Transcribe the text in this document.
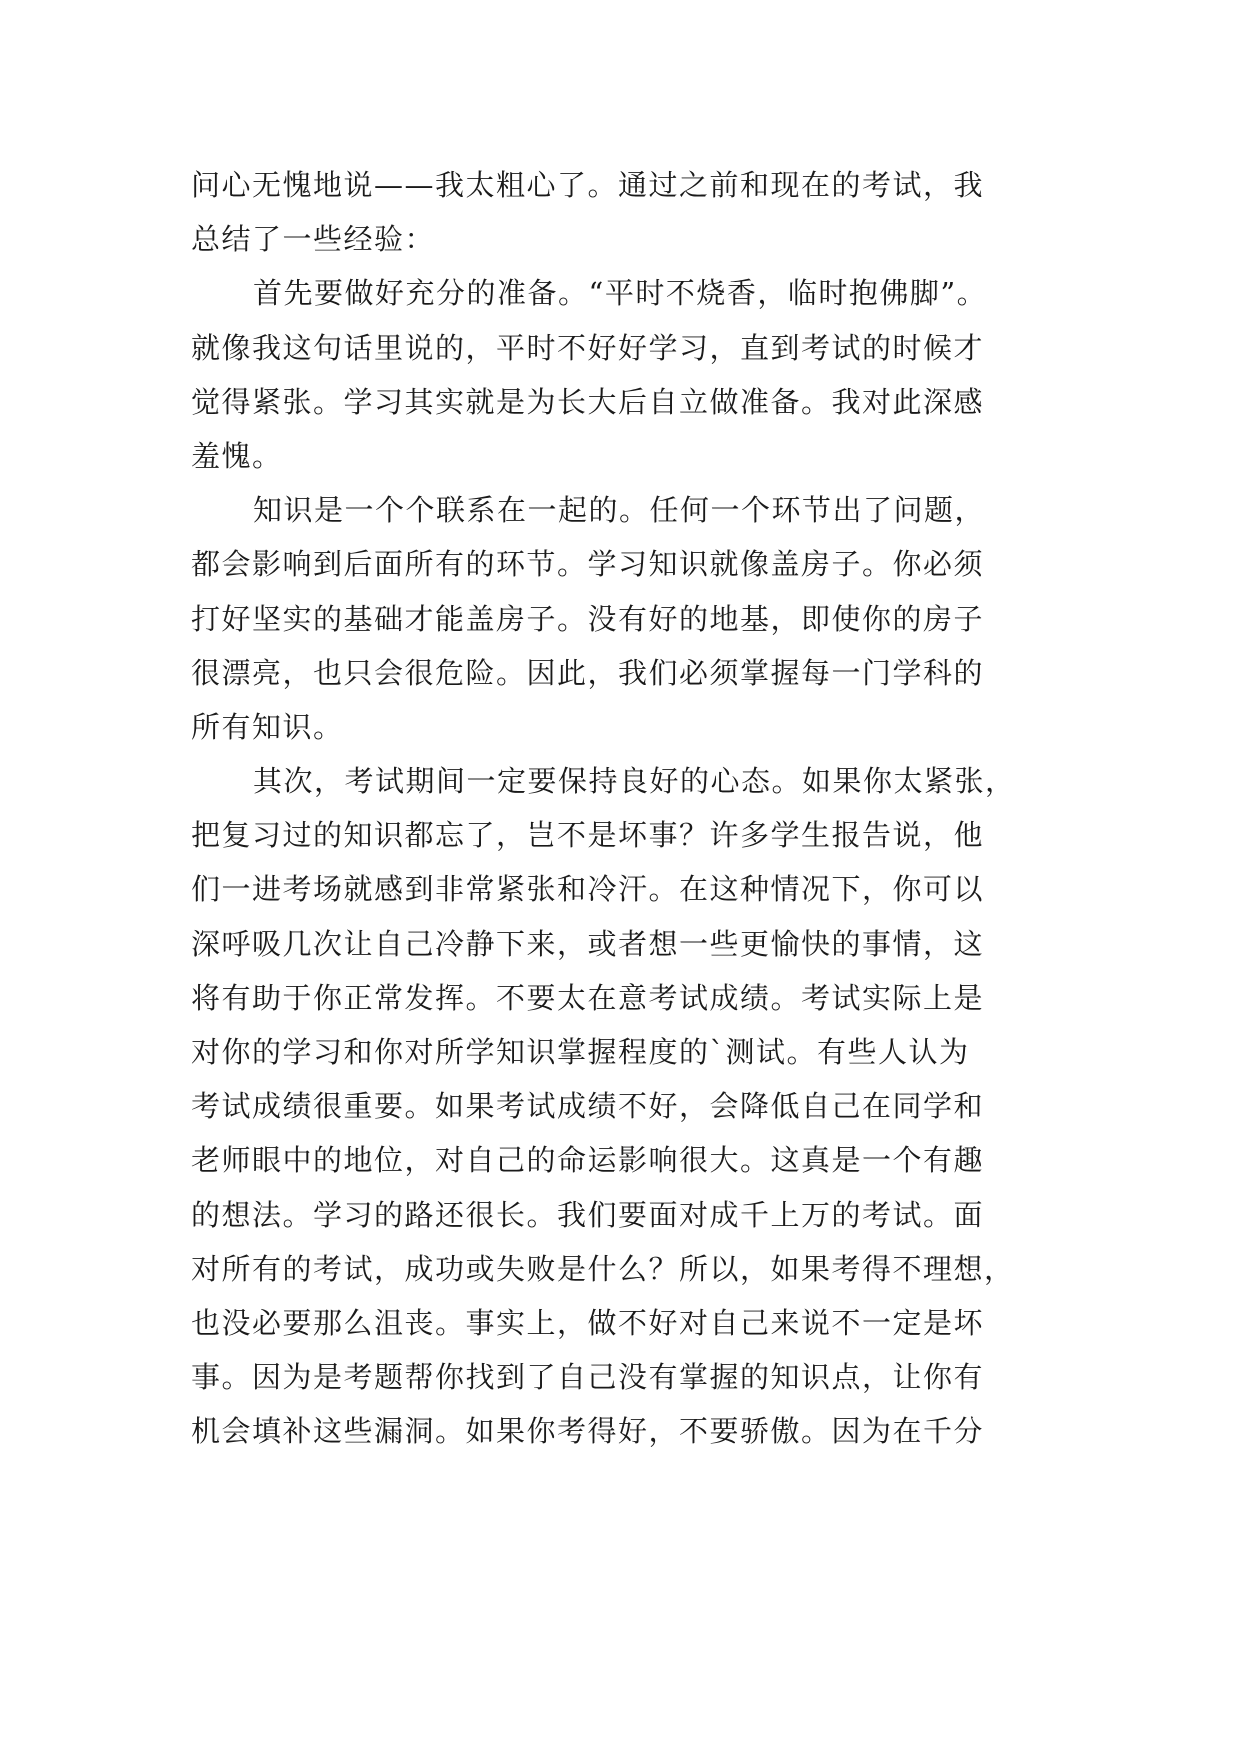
问心无愧地说——我太粗心了。通过之前和现在的考试，我
总结了一些经验：
首先要做好充分的准备。“平时不烧香，临时抱佛脚”。
就像我这句话里说的，平时不好好学习，直到考试的时候才
觉得紧张。学习其实就是为长大后自立做准备。我对此深感
羞愧。
知识是一个个联系在一起的。任何一个环节出了问题，
都会影响到后面所有的环节。学习知识就像盖房子。你必须
打好坚实的基础才能盖房子。没有好的地基，即使你的房子
很漂亮，也只会很危险。因此，我们必须掌握每一门学科的
所有知识。
其次，考试期间一定要保持良好的心态。如果你太紧张，
把复习过的知识都忘了，岂不是坏事？许多学生报告说，他
们一进考场就感到非常紧张和冷汗。在这种情况下，你可以
深呼吸几次让自己冷静下来，或者想一些更愉快的事情，这
将有助于你正常发挥。不要太在意考试成绩。考试实际上是
对你的学习和你对所学知识掌握程度的`测试。有些人认为
考试成绩很重要。如果考试成绩不好，会降低自己在同学和
老师眼中的地位，对自己的命运影响很大。这真是一个有趣
的想法。学习的路还很长。我们要面对成千上万的考试。面
对所有的考试，成功或失败是什么？所以，如果考得不理想，
也没必要那么沮丧。事实上，做不好对自己来说不一定是坏
事。因为是考题帮你找到了自己没有掌握的知识点，让你有
机会填补这些漏洞。如果你考得好，不要骄傲。因为在千分
